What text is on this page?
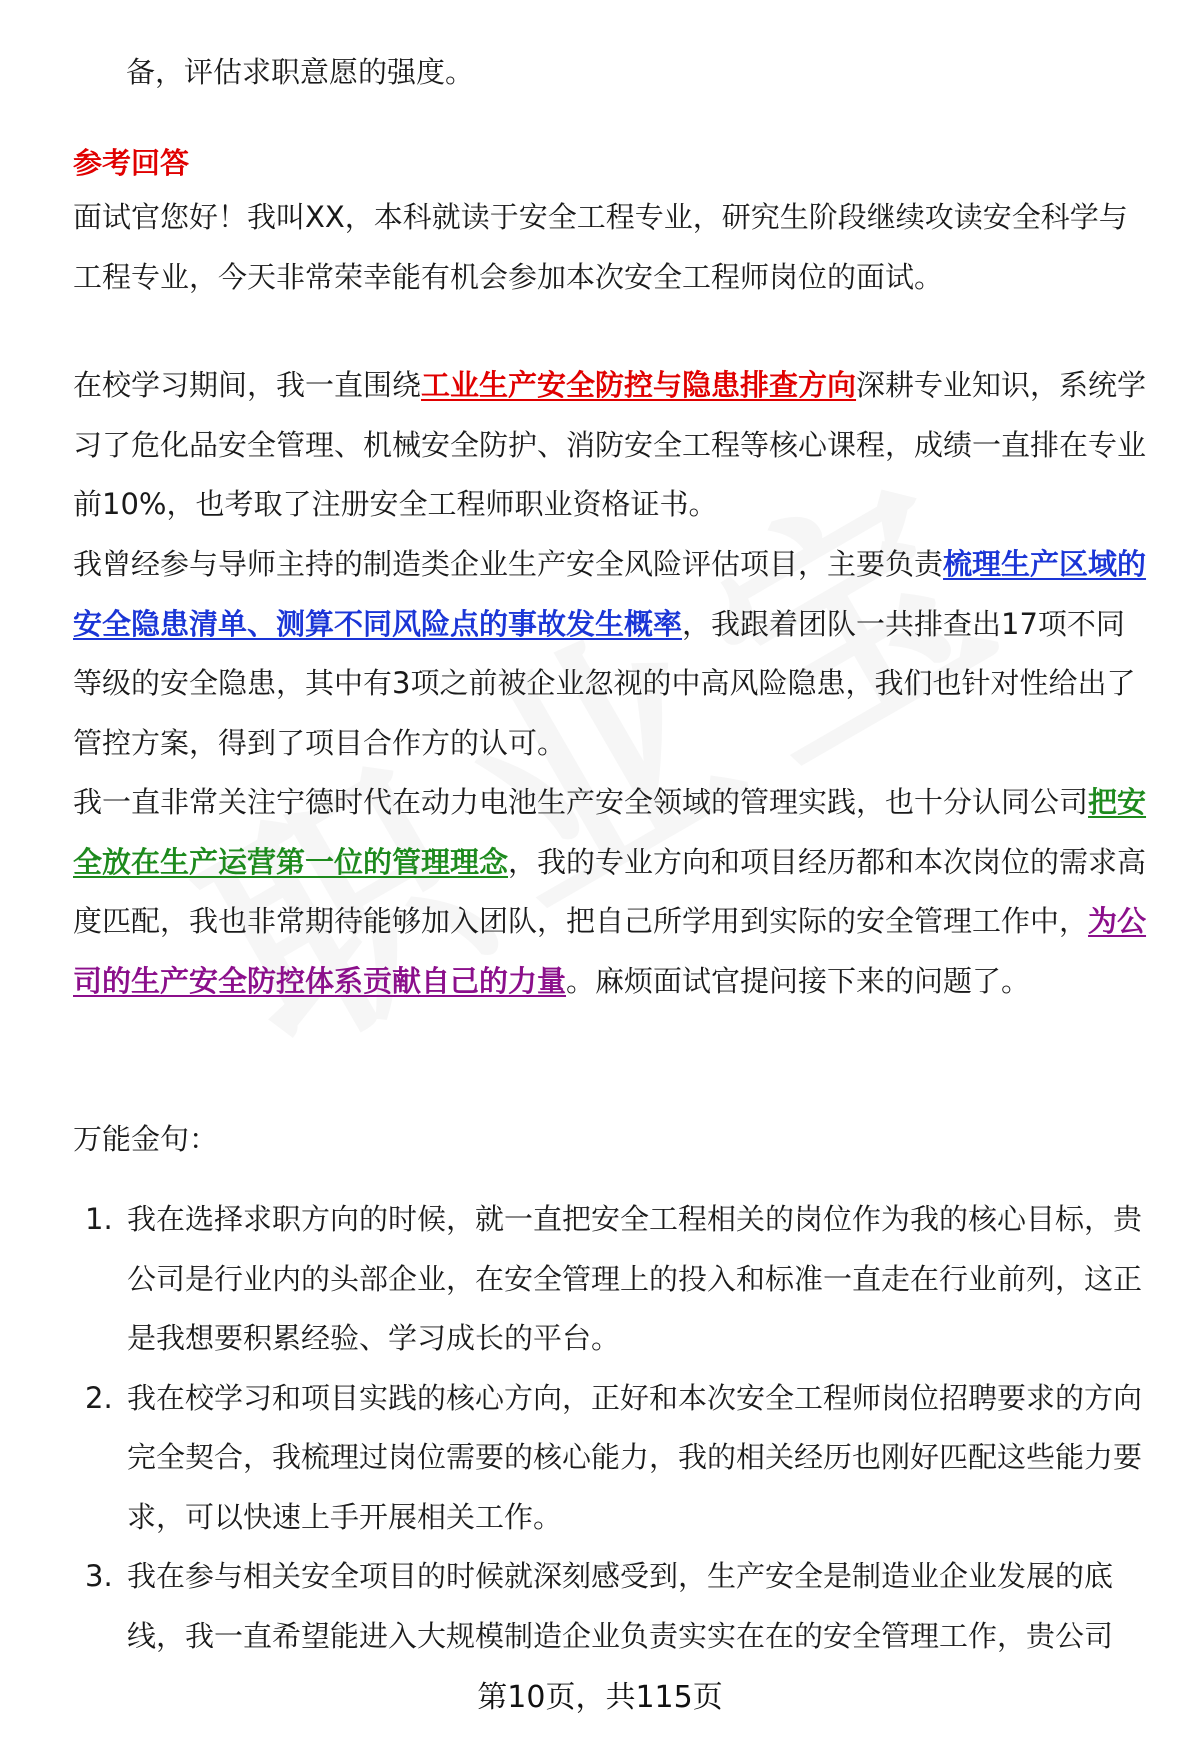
备，评估求职意愿的强度。

参考回答

面试官您好！我叫XX，本科就读于安全工程专业，研究生阶段继续攻读安全科学与工程专业，今天非常荣幸能有机会参加本次安全工程师岗位的面试。

在校学习期间，我一直围绕工业生产安全防控与隐患排查方向深耕专业知识，系统学习了危化品安全管理、机械安全防护、消防安全工程等核心课程，成绩一直排在专业前10%，也考取了注册安全工程师职业资格证书。

我曾经参与导师主持的制造类企业生产安全风险评估项目，主要负责梳理生产区域的安全隐患清单、测算不同风险点的事故发生概率，我跟着团队一共排查出17项不同等级的安全隐患，其中有3项之前被企业忽视的中高风险隐患，我们也针对性给出了管控方案，得到了项目合作方的认可。

我一直非常关注宁德时代在动力电池生产安全领域的管理实践，也十分认同公司把安全放在生产运营第一位的管理理念，我的专业方向和项目经历都和本次岗位的需求高度匹配，我也非常期待能够加入团队，把自己所学用到实际的安全管理工作中，为公司的生产安全防控体系贡献自己的力量。麻烦面试官提问接下来的问题了。

万能金句：

1. 我在选择求职方向的时候，就一直把安全工程相关的岗位作为我的核心目标，贵公司是行业内的头部企业，在安全管理上的投入和标准一直走在行业前列，这正是我想要积累经验、学习成长的平台。
2. 我在校学习和项目实践的核心方向，正好和本次安全工程师岗位招聘要求的方向完全契合，我梳理过岗位需要的核心能力，我的相关经历也刚好匹配这些能力要求，可以快速上手开展相关工作。
3. 我在参与相关安全项目的时候就深刻感受到，生产安全是制造业企业发展的底线，我一直希望能进入大规模制造企业负责实实在在的安全管理工作，贵公司
第10页，共115页
